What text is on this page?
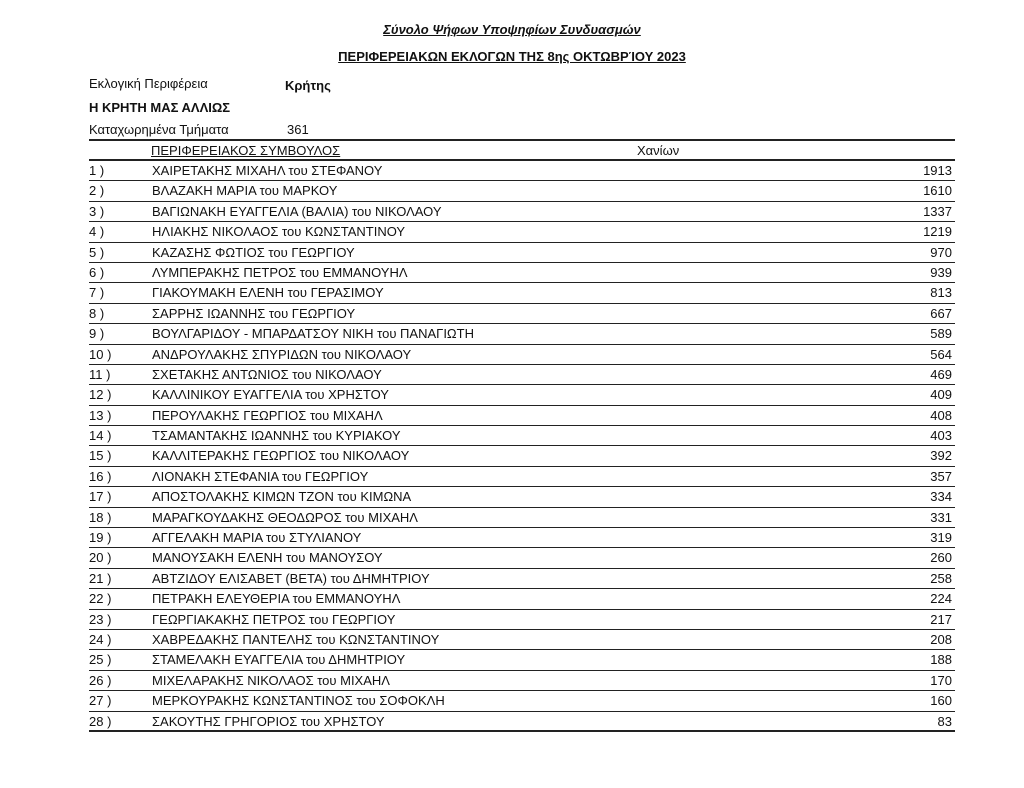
Σύνολο Ψήφων Υποψηφίων Συνδυασμών
ΠΕΡΙΦΕΡΕΙΑΚΩΝ ΕΚΛΟΓΩΝ ΤΗΣ 8ης ΟΚΤΩΒΡΊΟΥ 2023
Εκλογική Περιφέρεια	Κρήτης
Η ΚΡΗΤΗ ΜΑΣ ΑΛΛΙΩΣ
Καταχωρημένα Τμήματα	361
ΠΕΡΙΦΕΡΕΙΑΚΟΣ ΣΥΜΒΟΥΛΟΣ	Χανίων
1 )	ΧΑΙΡΕΤΑΚΗΣ ΜΙΧΑΗΛ του ΣΤΕΦΑΝΟΥ	1913
2 )	ΒΛΑΖΑΚΗ ΜΑΡΙΑ του ΜΑΡΚΟΥ	1610
3 )	ΒΑΓΙΩΝΑΚΗ ΕΥΑΓΓΕΛΙΑ (ΒΑΛΙΑ) του ΝΙΚΟΛΑΟΥ	1337
4 )	ΗΛΙΑΚΗΣ ΝΙΚΟΛΑΟΣ του ΚΩΝΣΤΑΝΤΙΝΟΥ	1219
5 )	ΚΑΖΑΣΗΣ ΦΩΤΙΟΣ του ΓΕΩΡΓΙΟΥ	970
6 )	ΛΥΜΠΕΡΑΚΗΣ ΠΕΤΡΟΣ του ΕΜΜΑΝΟΥΗΛ	939
7 )	ΓΙΑΚΟΥΜΑΚΗ ΕΛΕΝΗ του ΓΕΡΑΣΙΜΟΥ	813
8 )	ΣΑΡΡΗΣ ΙΩΑΝΝΗΣ του ΓΕΩΡΓΙΟΥ	667
9 )	ΒΟΥΛΓΑΡΙΔΟΥ - ΜΠΑΡΔΑΤΣΟΥ ΝΙΚΗ του ΠΑΝΑΓΙΩΤΗ	589
10 )	ΑΝΔΡΟΥΛΑΚΗΣ ΣΠΥΡΙΔΩΝ του ΝΙΚΟΛΑΟΥ	564
11 )	ΣΧΕΤΑΚΗΣ ΑΝΤΩΝΙΟΣ του ΝΙΚΟΛΑΟΥ	469
12 )	ΚΑΛΛΙΝΙΚΟΥ ΕΥΑΓΓΕΛΙΑ του ΧΡΗΣΤΟΥ	409
13 )	ΠΕΡΟΥΛΑΚΗΣ ΓΕΩΡΓΙΟΣ του ΜΙΧΑΗΛ	408
14 )	ΤΣΑΜΑΝΤΑΚΗΣ ΙΩΑΝΝΗΣ του ΚΥΡΙΑΚΟΥ	403
15 )	ΚΑΛΛΙΤΕΡΑΚΗΣ ΓΕΩΡΓΙΟΣ του ΝΙΚΟΛΑΟΥ	392
16 )	ΛΙΟΝΑΚΗ ΣΤΕΦΑΝΙΑ του ΓΕΩΡΓΙΟΥ	357
17 )	ΑΠΟΣΤΟΛΑΚΗΣ ΚΙΜΩΝ ΤΖΟΝ του ΚΙΜΩΝΑ	334
18 )	ΜΑΡΑΓΚΟΥΔΑΚΗΣ ΘΕΟΔΩΡΟΣ του ΜΙΧΑΗΛ	331
19 )	ΑΓΓΕΛΑΚΗ ΜΑΡΙΑ του ΣΤΥΛΙΑΝΟΥ	319
20 )	ΜΑΝΟΥΣΑΚΗ ΕΛΕΝΗ του ΜΑΝΟΥΣΟΥ	260
21 )	ΑΒΤΖΙΔΟΥ ΕΛΙΣΑΒΕΤ (ΒΕΤΑ) του ΔΗΜΗΤΡΙΟΥ	258
22 )	ΠΕΤΡΑΚΗ ΕΛΕΥΘΕΡΙΑ του ΕΜΜΑΝΟΥΗΛ	224
23 )	ΓΕΩΡΓΙΑΚΑΚΗΣ ΠΕΤΡΟΣ του ΓΕΩΡΓΙΟΥ	217
24 )	ΧΑΒΡΕΔΑΚΗΣ ΠΑΝΤΕΛΗΣ του ΚΩΝΣΤΑΝΤΙΝΟΥ	208
25 )	ΣΤΑΜΕΛΑΚΗ ΕΥΑΓΓΕΛΙΑ του ΔΗΜΗΤΡΙΟΥ	188
26 )	ΜΙΧΕΛΑΡΑΚΗΣ ΝΙΚΟΛΑΟΣ του ΜΙΧΑΗΛ	170
27 )	ΜΕΡΚΟΥΡΑΚΗΣ ΚΩΝΣΤΑΝΤΙΝΟΣ του ΣΟΦΟΚΛΗ	160
28 )	ΣΑΚΟΥΤΗΣ ΓΡΗΓΟΡΙΟΣ του ΧΡΗΣΤΟΥ	83
